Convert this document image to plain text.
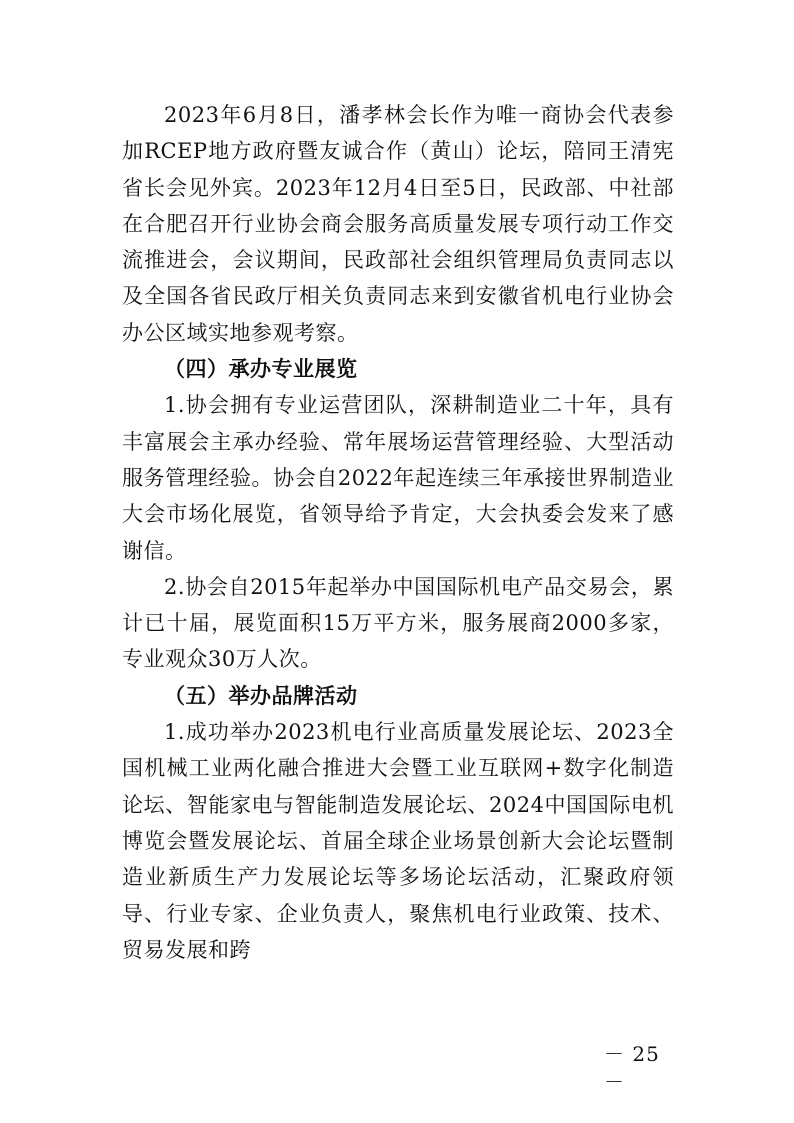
2023年6月8日，潘孝林会长作为唯一商协会代表参加RCEP地方政府暨友诚合作（黄山）论坛，陪同王清宪省长会见外宾。2023年12月4日至5日，民政部、中社部在合肥召开行业协会商会服务高质量发展专项行动工作交流推进会，会议期间，民政部社会组织管理局负责同志以及全国各省民政厅相关负责同志来到安徽省机电行业协会办公区域实地参观考察。

（四）承办专业展览

1.协会拥有专业运营团队，深耕制造业二十年，具有丰富展会主承办经验、常年展场运营管理经验、大型活动服务管理经验。协会自2022年起连续三年承接世界制造业大会市场化展览，省领导给予肯定，大会执委会发来了感谢信。

2.协会自2015年起举办中国国际机电产品交易会，累计已十届，展览面积15万平方米，服务展商2000多家，专业观众30万人次。

（五）举办品牌活动

1.成功举办2023机电行业高质量发展论坛、2023全国机械工业两化融合推进大会暨工业互联网+数字化制造论坛、智能家电与智能制造发展论坛、2024中国国际电机博览会暨发展论坛、首届全球企业场景创新大会论坛暨制造业新质生产力发展论坛等多场论坛活动，汇聚政府领导、行业专家、企业负责人，聚焦机电行业政策、技术、贸易发展和跨

－ 25 －
